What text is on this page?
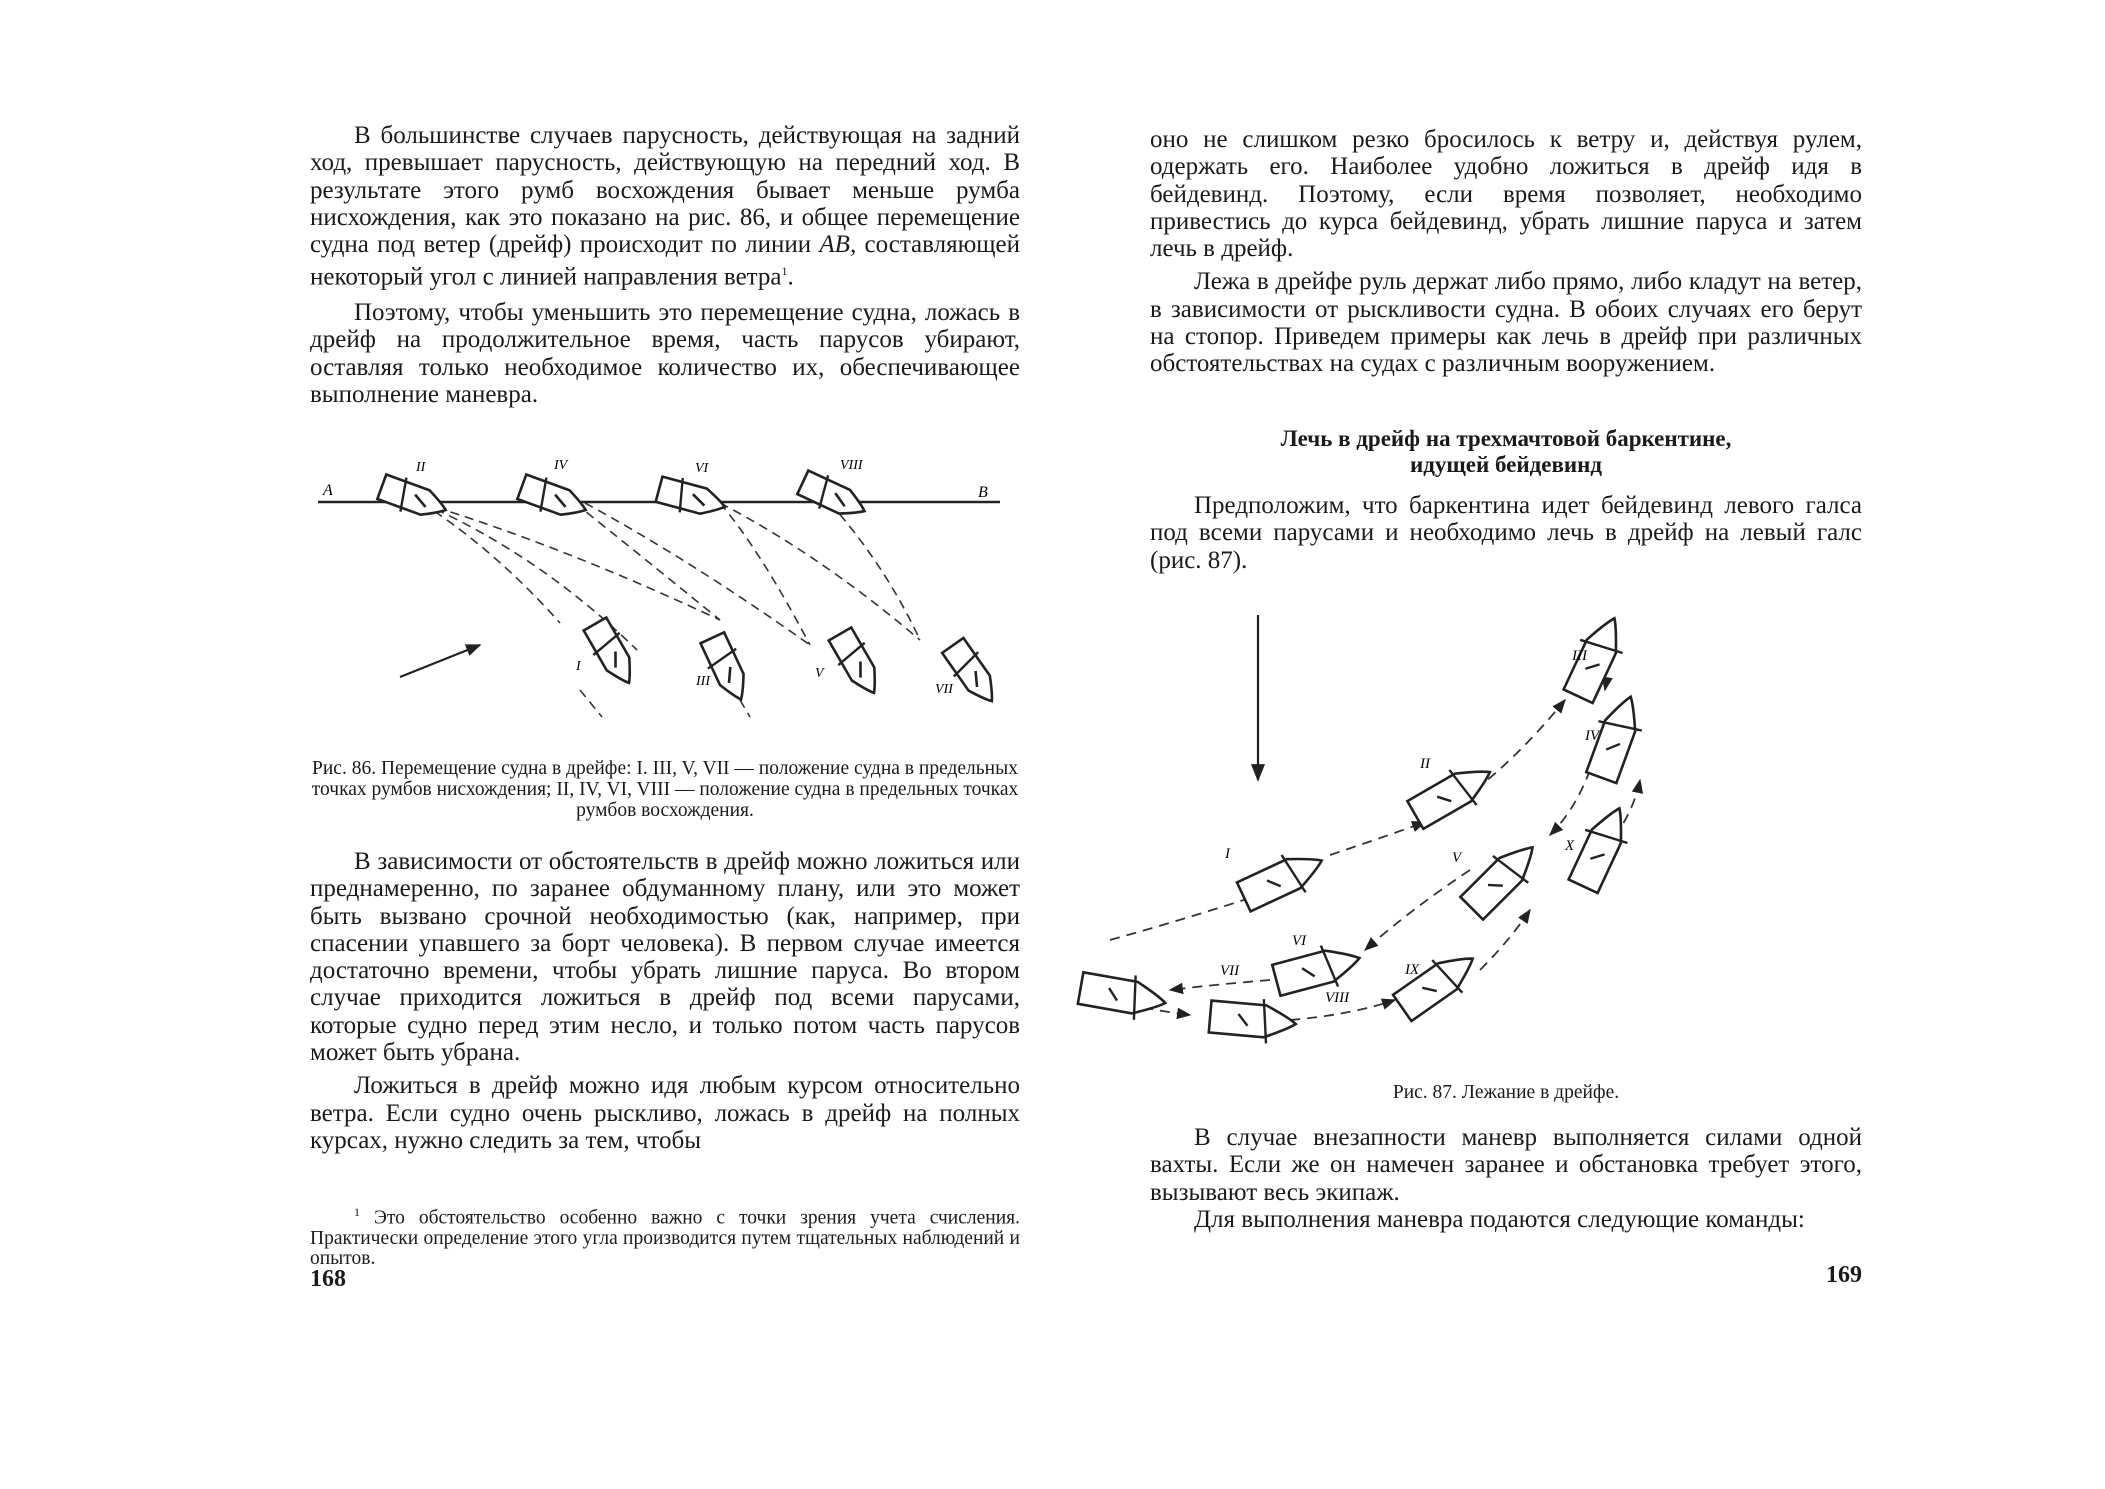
В большинстве случаев парусность, действующая на задний ход, превышает парусность, действующую на передний ход. В результате этого румб восхождения бывает меньше румба нисхождения, как это показано на рис. 86, и общее перемещение судна под ветер (дрейф) происходит по линии AB, составляющей некоторый угол с линией направления ветра$^1$.

Поэтому, чтобы уменьшить это перемещение судна, ложась в дрейф на продолжительное время, часть парусов убирают, оставляя только необходимое количество их, обеспечивающее выполнение маневра.

A	B
II	IV	VI	VIII
I
III
V
VII
Рис. 86. Перемещение судна в дрейфе: I. III, V, VII — положение судна в предельных точках румбов нисхождения; II, IV, VI, VIII — положение судна в предельных точках румбов восхождения.

В зависимости от обстоятельств в дрейф можно ложиться или преднамеренно, по заранее обдуманному плану, или это может быть вызвано срочной необходимостью (как, например, при спасении упавшего за борт человека). В первом случае имеется достаточно времени, чтобы убрать лишние паруса. Во втором случае приходится ложиться в дрейф под всеми парусами, которые судно перед этим несло, и только потом часть парусов может быть убрана.

Ложиться в дрейф можно идя любым курсом относительно ветра. Если судно очень рыскливо, ложась в дрейф на полных курсах, нужно следить за тем, чтобы

$^1$ Это обстоятельство особенно важно с точки зрения учета счисления. Практически определение этого угла производится путем тщательных наблюдений и опытов.
168

оно не слишком резко бросилось к ветру и, действуя рулем, одержать его. Наиболее удобно ложиться в дрейф идя в бейдевинд. Поэтому, если время позволяет, необходимо привестись до курса бейдевинд, убрать лишние паруса и затем лечь в дрейф.

Лежа в дрейфе руль держат либо прямо, либо кладут на ветер, в зависимости от рыскливости судна. В обоих случаях его берут на стопор. Приведем примеры как лечь в дрейф при различных обстоятельствах на судах с различным вооружением.

Лечь в дрейф на трехмачтовой баркентине,
идущей бейдевинд

Предположим, что баркентина идет бейдевинд левого галса под всеми парусами и необходимо лечь в дрейф на левый галс (рис. 87).

I
II
III
IV
V
VI
VII
VIII
IX
X
Рис. 87. Лежание в дрейфе.

В случае внезапности маневр выполняется силами одной вахты. Если же он намечен заранее и обстановка требует этого, вызывают весь экипаж.

Для выполнения маневра подаются следующие команды:

169
